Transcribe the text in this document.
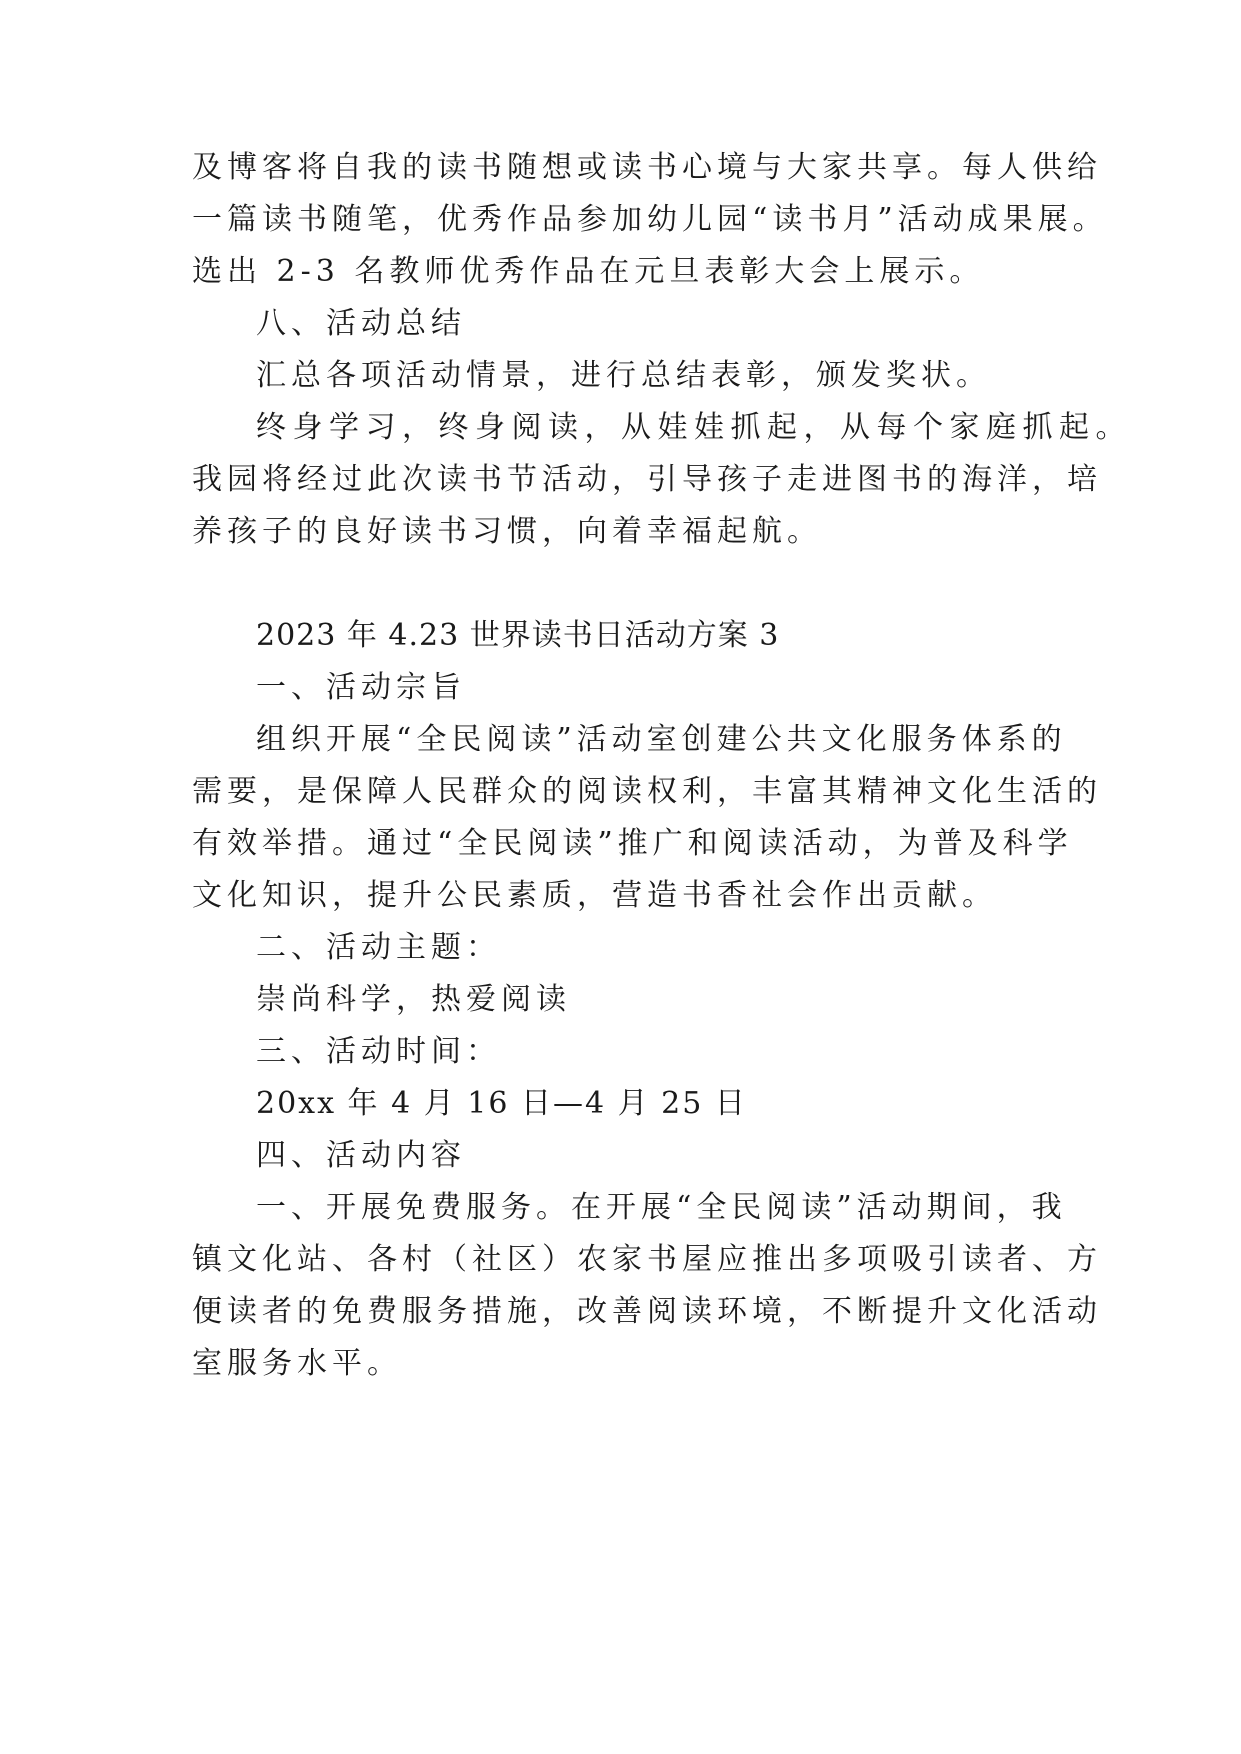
及博客将自我的读书随想或读书心境与大家共享。每人供给
一篇读书随笔，优秀作品参加幼儿园“读书月”活动成果展。
选出 2-3 名教师优秀作品在元旦表彰大会上展示。
八、活动总结
汇总各项活动情景，进行总结表彰，颁发奖状。
终身学习，终身阅读，从娃娃抓起，从每个家庭抓起。
我园将经过此次读书节活动，引导孩子走进图书的海洋，培
养孩子的良好读书习惯，向着幸福起航。
2023 年 4.23 世界读书日活动方案 3
一、活动宗旨
组织开展“全民阅读”活动室创建公共文化服务体系的
需要，是保障人民群众的阅读权利，丰富其精神文化生活的
有效举措。通过“全民阅读”推广和阅读活动，为普及科学
文化知识，提升公民素质，营造书香社会作出贡献。
二、活动主题：
崇尚科学，热爱阅读
三、活动时间：
20xx 年 4 月 16 日—4 月 25 日
四、活动内容
一、开展免费服务。在开展“全民阅读”活动期间，我
镇文化站、各村（社区）农家书屋应推出多项吸引读者、方
便读者的免费服务措施，改善阅读环境，不断提升文化活动
室服务水平。
